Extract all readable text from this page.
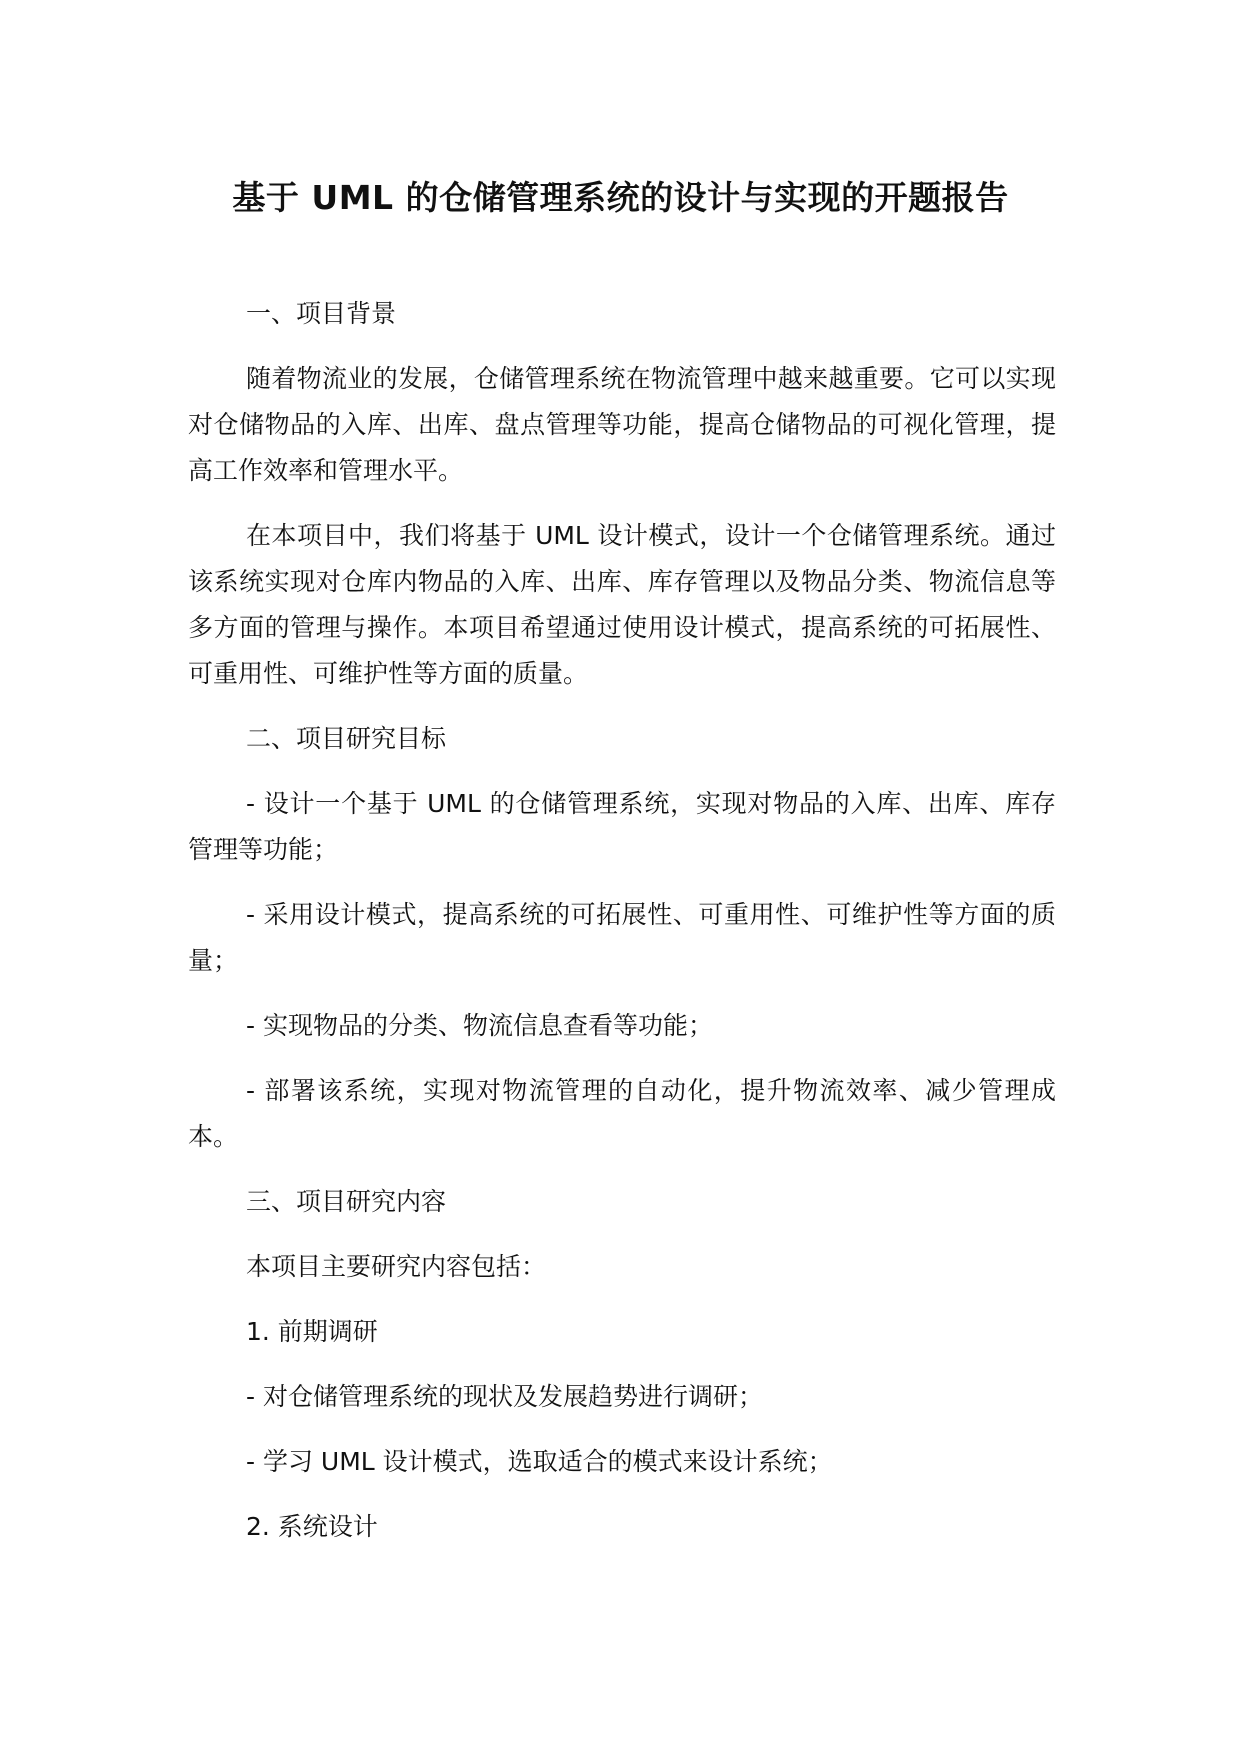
基于 UML 的仓储管理系统的设计与实现的开题报告

一、项目背景

随着物流业的发展，仓储管理系统在物流管理中越来越重要。它可以实现对仓储物品的入库、出库、盘点管理等功能，提高仓储物品的可视化管理，提高工作效率和管理水平。

在本项目中，我们将基于 UML 设计模式，设计一个仓储管理系统。通过该系统实现对仓库内物品的入库、出库、库存管理以及物品分类、物流信息等多方面的管理与操作。本项目希望通过使用设计模式，提高系统的可拓展性、可重用性、可维护性等方面的质量。

二、项目研究目标

- 设计一个基于 UML 的仓储管理系统，实现对物品的入库、出库、库存管理等功能；

- 采用设计模式，提高系统的可拓展性、可重用性、可维护性等方面的质量；

- 实现物品的分类、物流信息查看等功能；

- 部署该系统，实现对物流管理的自动化，提升物流效率、减少管理成本。

三、项目研究内容

本项目主要研究内容包括：

1. 前期调研

- 对仓储管理系统的现状及发展趋势进行调研；

- 学习 UML 设计模式，选取适合的模式来设计系统；

2. 系统设计
